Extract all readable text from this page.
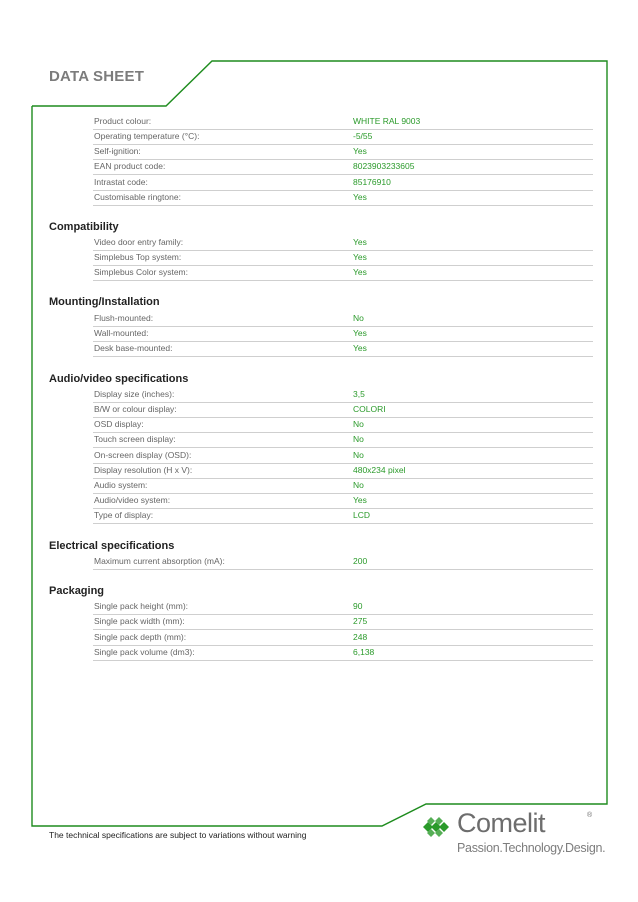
DATA SHEET
Product colour:	WHITE RAL 9003
Operating temperature (°C):	-5/55
Self-ignition:	Yes
EAN product code:	8023903233605
Intrastat code:	85176910
Customisable ringtone:	Yes
Compatibility
Video door entry family:	Yes
Simplebus Top system:	Yes
Simplebus Color system:	Yes
Mounting/Installation
Flush-mounted:	No
Wall-mounted:	Yes
Desk base-mounted:	Yes
Audio/video specifications
Display size (inches):	3,5
B/W or colour display:	COLORI
OSD display:	No
Touch screen display:	No
On-screen display (OSD):	No
Display resolution (H x V):	480x234 pixel
Audio system:	No
Audio/video system:	Yes
Type of display:	LCD
Electrical specifications
Maximum current absorption (mA):	200
Packaging
Single pack height (mm):	90
Single pack width (mm):	275
Single pack depth (mm):	248
Single pack volume (dm3):	6,138
The technical specifications are subject to variations without warning	Comelit	®
Passion.Technology.Design.
